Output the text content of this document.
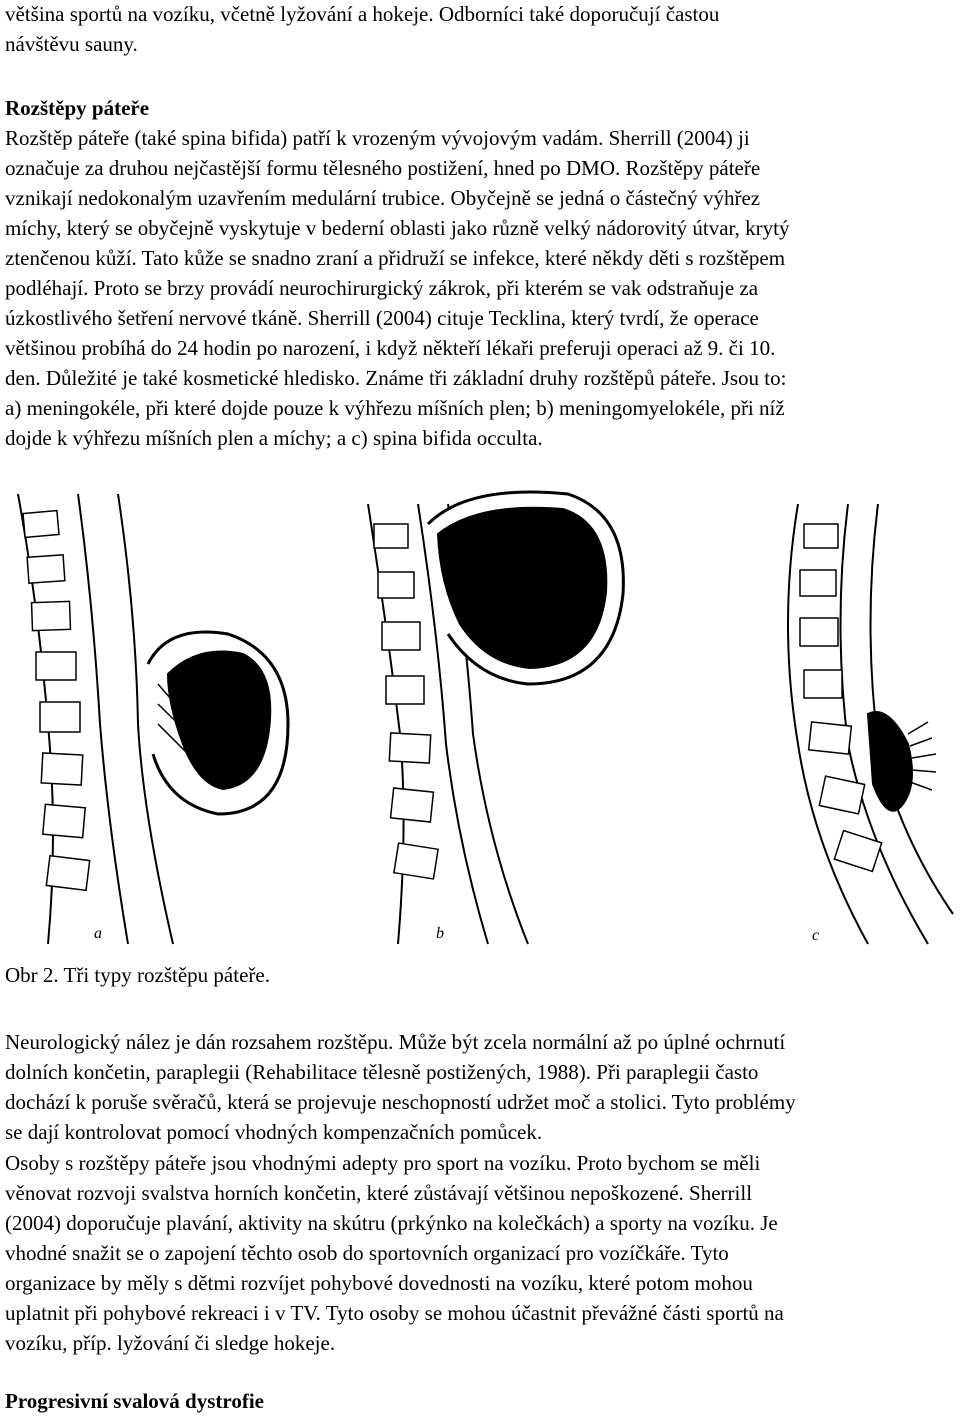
většina sportů na vozíku, včetně lyžování a hokeje. Odborníci také doporučují častou

návštěvu sauny.

Rozštěpy páteře

Rozštěp páteře (také spina bifida) patří k vrozeným vývojovým vadám. Sherrill (2004) ji

označuje za druhou nejčastější formu tělesného postižení, hned po DMO. Rozštěpy páteře

vznikají nedokonalým uzavřením medulární trubice. Obyčejně se jedná o částečný výhřez

míchy, který se obyčejně vyskytuje v bederní oblasti jako různě velký nádorovitý útvar, krytý

ztenčenou kůží. Tato kůže se snadno zraní a přidruží se infekce, které někdy děti s rozštěpem

podléhají. Proto se brzy provádí neurochirurgický zákrok, při kterém se vak odstraňuje za

úzkostlivého šetření nervové tkáně. Sherrill (2004) cituje Tecklina, který tvrdí, že operace

většinou probíhá do 24 hodin po narození, i když někteří lékaři preferuji operaci až 9. či 10.

den. Důležité je také kosmetické hledisko. Známe tři základní druhy rozštěpů páteře. Jsou to:

a) meningokéle, při které dojde pouze k výhřezu míšních plen; b) meningomyelokéle, při níž

dojde k výhřezu míšních plen a míchy; a c) spina bifida occulta.

a	b	c

Obr 2. Tři typy rozštěpu páteře.

Neurologický nález je dán rozsahem rozštěpu. Může být zcela normální až po úplné ochrnutí

dolních končetin, paraplegii (Rehabilitace tělesně postižených, 1988). Při paraplegii často

dochází k poruše svěračů, která se projevuje neschopností udržet moč a stolici. Tyto problémy

se dají kontrolovat pomocí vhodných kompenzačních pomůcek.

Osoby s rozštěpy páteře jsou vhodnými adepty pro sport na vozíku. Proto bychom se měli

věnovat rozvoji svalstva horních končetin, které zůstávají většinou nepoškozené. Sherrill

(2004) doporučuje plavání, aktivity na skútru (prkýnko na kolečkách) a sporty na vozíku. Je

vhodné snažit se o zapojení těchto osob do sportovních organizací pro vozíčkáře. Tyto

organizace by měly s dětmi rozvíjet pohybové dovednosti na vozíku, které potom mohou

uplatnit při pohybové rekreaci i v TV. Tyto osoby se mohou účastnit převážné části sportů na

vozíku, příp. lyžování či sledge hokeje.

Progresivní svalová dystrofie
